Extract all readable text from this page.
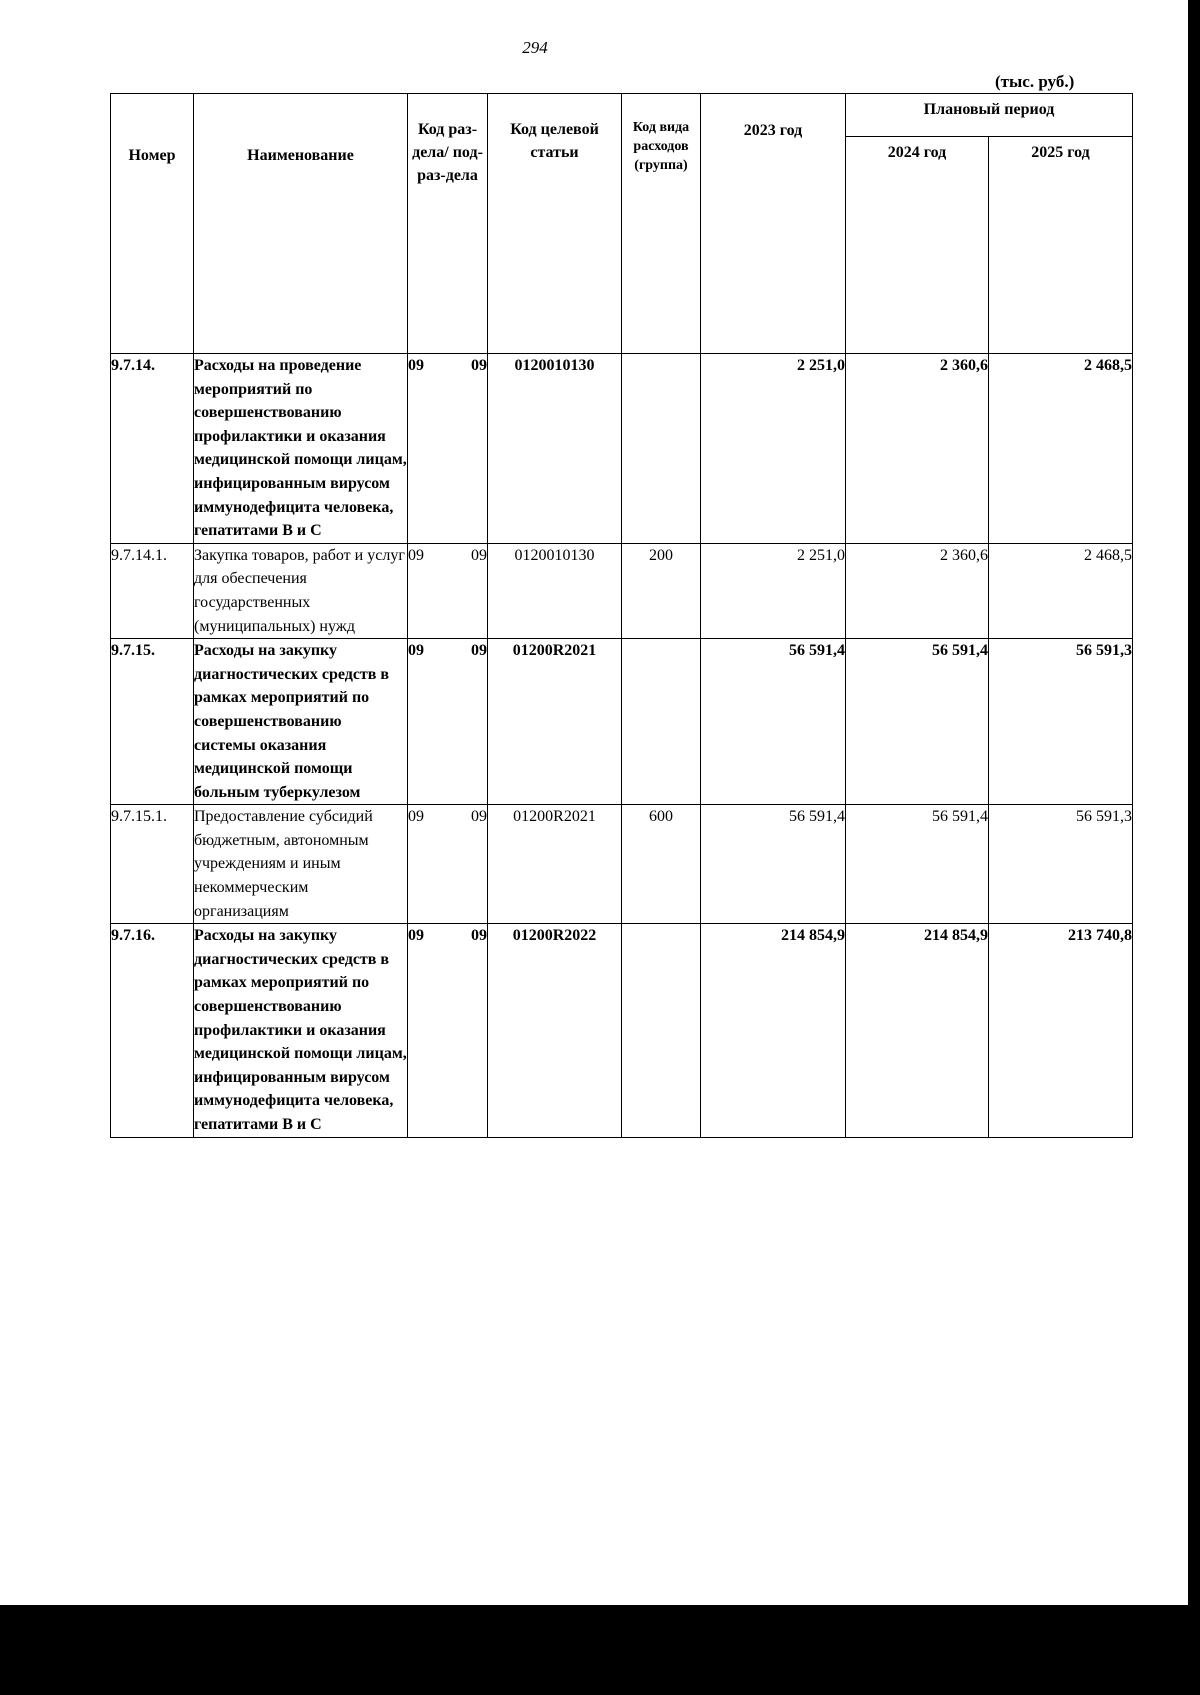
294
(тыс. руб.)
Номер	Наименование	Код раз-дела/ под-раз-дела	Код целевой статьи	Код вида расходов (группа)	2023 год	Плановый период	
						2024 год	2025 год
9.7.14.	Расходы на проведение мероприятий по совершенствованию профилактики и оказания медицинской помощи лицам, инфицированным вирусом иммунодефицита человека, гепатитами В и С	09 09	0120010130		2 251,0	2 360,6	2 468,5
9.7.14.1.	Закупка товаров, работ и услуг для обеспечения государственных (муниципальных) нужд	09 09	0120010130	200	2 251,0	2 360,6	2 468,5
9.7.15.	Расходы на закупку диагностических средств в рамках мероприятий по совершенствованию системы оказания медицинской помощи больным туберкулезом	09 09	01200R2021		56 591,4	56 591,4	56 591,3
9.7.15.1.	Предоставление субсидий бюджетным, автономным учреждениям и иным некоммерческим организациям	09 09	01200R2021	600	56 591,4	56 591,4	56 591,3
9.7.16.	Расходы на закупку диагностических средств в рамках мероприятий по совершенствованию профилактики и оказания медицинской помощи лицам, инфицированным вирусом иммунодефицита человека, гепатитами В и С	09 09	01200R2022		214 854,9	214 854,9	213 740,8
